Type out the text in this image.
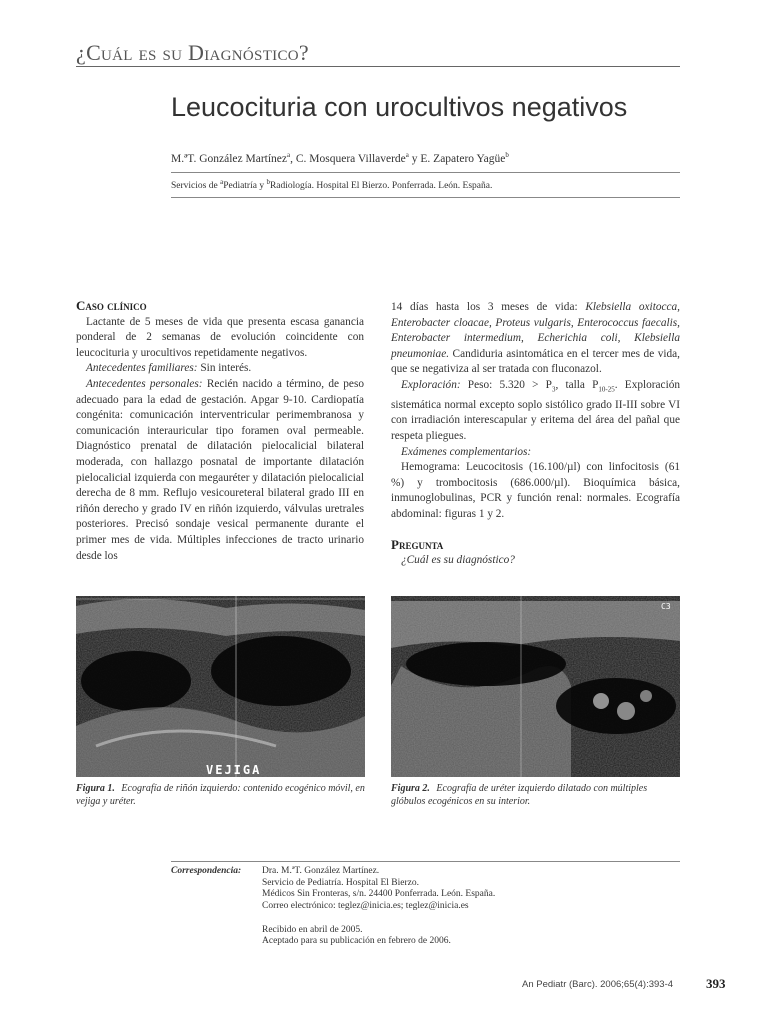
¿Cuál es su Diagnóstico?
Leucocituria con urocultivos negativos
M.ªT. González Martínez$^a$, C. Mosquera Villaverde$^a$ y E. Zapatero Yagüe$^b$
Servicios de $^a$Pediatría y $^b$Radiología. Hospital El Bierzo. Ponferrada. León. España.
Caso clínico

Lactante de 5 meses de vida que presenta escasa ganancia ponderal de 2 semanas de evolución coincidente con leucocituria y urocultivos repetidamente negativos.

Antecedentes familiares: Sin interés.

Antecedentes personales: Recién nacido a término, de peso adecuado para la edad de gestación. Apgar 9-10. Cardiopatía congénita: comunicación interventricular perimembranosa y comunicación interauricular tipo foramen oval permeable. Diagnóstico prenatal de dilatación pielocalicial bilateral moderada, con hallazgo posnatal de importante dilatación pielocalicial izquierda con megauréter y dilatación pielocalicial derecha de 8 mm. Reflujo vesicoureteral bilateral grado III en riñón derecho y grado IV en riñón izquierdo, válvulas uretrales posteriores. Precisó sondaje vesical permanente durante el primer mes de vida. Múltiples infecciones de tracto urinario desde los

14 días hasta los 3 meses de vida: Klebsiella oxitocca, Enterobacter cloacae, Proteus vulgaris, Enterococcus faecalis, Enterobacter intermedium, Echerichia coli, Klebsiella pneumoniae. Candiduria asintomática en el tercer mes de vida, que se negativiza al ser tratada con fluconazol.

Exploración: Peso: $5.320 > P_3$, talla $P_{10-25}$. Exploración sistemática normal excepto soplo sistólico grado II-III sobre VI con irradiación interescapular y eritema del área del pañal que respeta pliegues.

Exámenes complementarios:

Hemograma: Leucocitosis (16.100/µl) con linfocitosis (61 %) y trombocitosis (686.000/µl). Bioquímica básica, inmunoglobulinas, PCR y función renal: normales. Ecografía abdominal: figuras 1 y 2.

Pregunta

¿Cuál es su diagnóstico?

VEJIGA
C3
Figura 1. Ecografía de riñón izquierdo: contenido ecogénico móvil, en vejiga y uréter.
Figura 2. Ecografía de uréter izquierdo dilatado con múltiples glóbulos ecogénicos en su interior.
Correspondencia: Dra. M.ªT. González Martínez.
Servicio de Pediatría. Hospital El Bierzo.
Médicos Sin Fronteras, s/n. 24400 Ponferrada. León. España.
Correo electrónico: teglez@inicia.es; teglez@inicia.es
Recibido en abril de 2005.
Aceptado para su publicación en febrero de 2006.
An Pediatr (Barc). 2006;65(4):393-4	393
